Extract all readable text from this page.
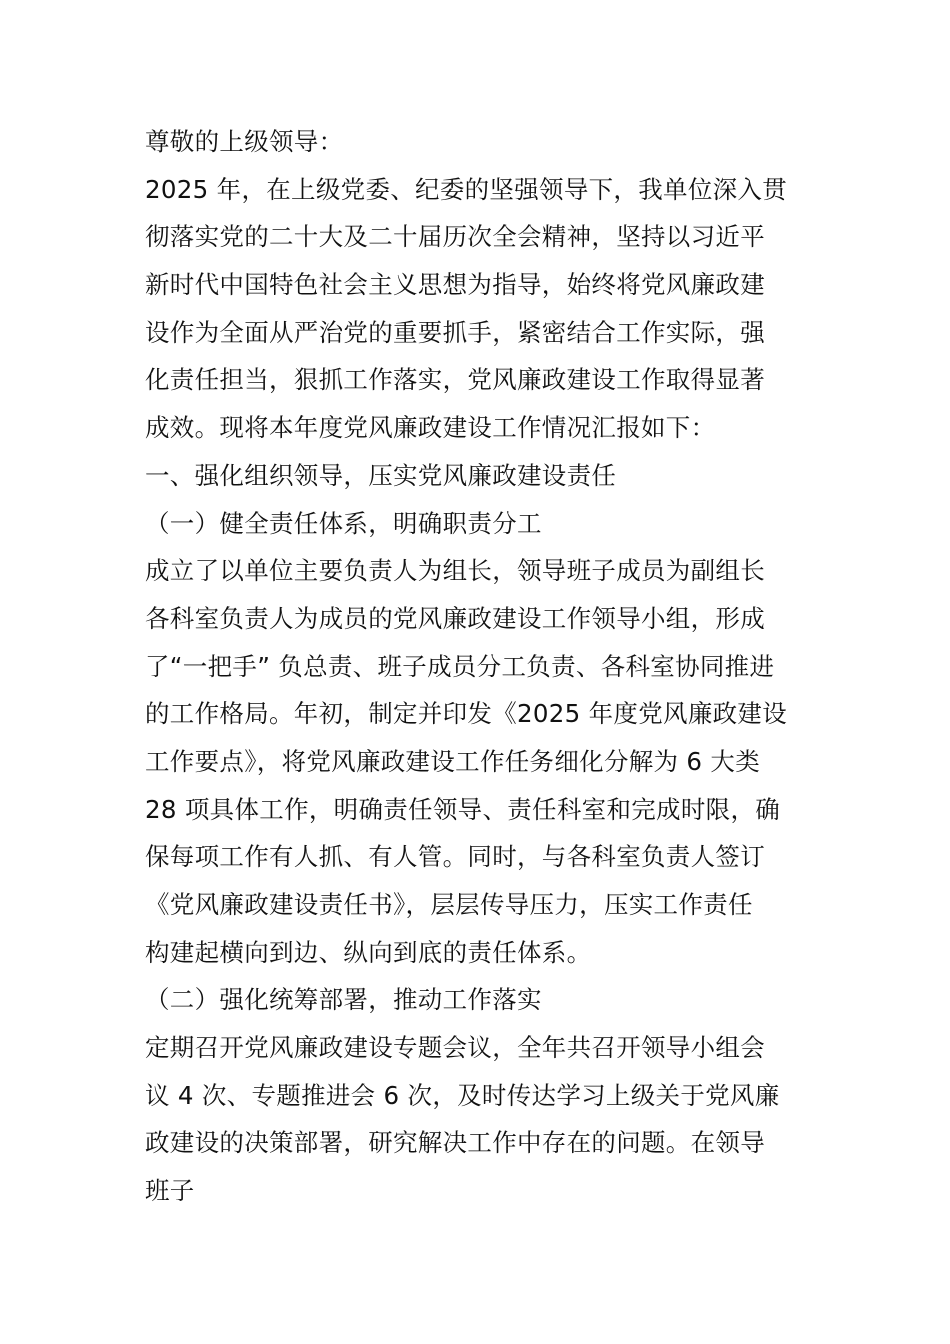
尊敬的上级领导：
2025 年，在上级党委、纪委的坚强领导下，我单位深入贯
彻落实党的二十大及二十届历次全会精神，坚持以习近平
新时代中国特色社会主义思想为指导，始终将党风廉政建
设作为全面从严治党的重要抓手，紧密结合工作实际，强
化责任担当，狠抓工作落实，党风廉政建设工作取得显著
成效。现将本年度党风廉政建设工作情况汇报如下：
一、强化组织领导，压实党风廉政建设责任
（一）健全责任体系，明确职责分工
成立了以单位主要负责人为组长，领导班子成员为副组长
各科室负责人为成员的党风廉政建设工作领导小组，形成
了“一把手” 负总责、班子成员分工负责、各科室协同推进
的工作格局。年初，制定并印发《2025 年度党风廉政建设
工作要点》，将党风廉政建设工作任务细化分解为 6 大类
28 项具体工作，明确责任领导、责任科室和完成时限，确
保每项工作有人抓、有人管。同时，与各科室负责人签订
《党风廉政建设责任书》，层层传导压力，压实工作责任
构建起横向到边、纵向到底的责任体系。
（二）强化统筹部署，推动工作落实
定期召开党风廉政建设专题会议，全年共召开领导小组会
议 4 次、专题推进会 6 次，及时传达学习上级关于党风廉
政建设的决策部署，研究解决工作中存在的问题。在领导
班子
